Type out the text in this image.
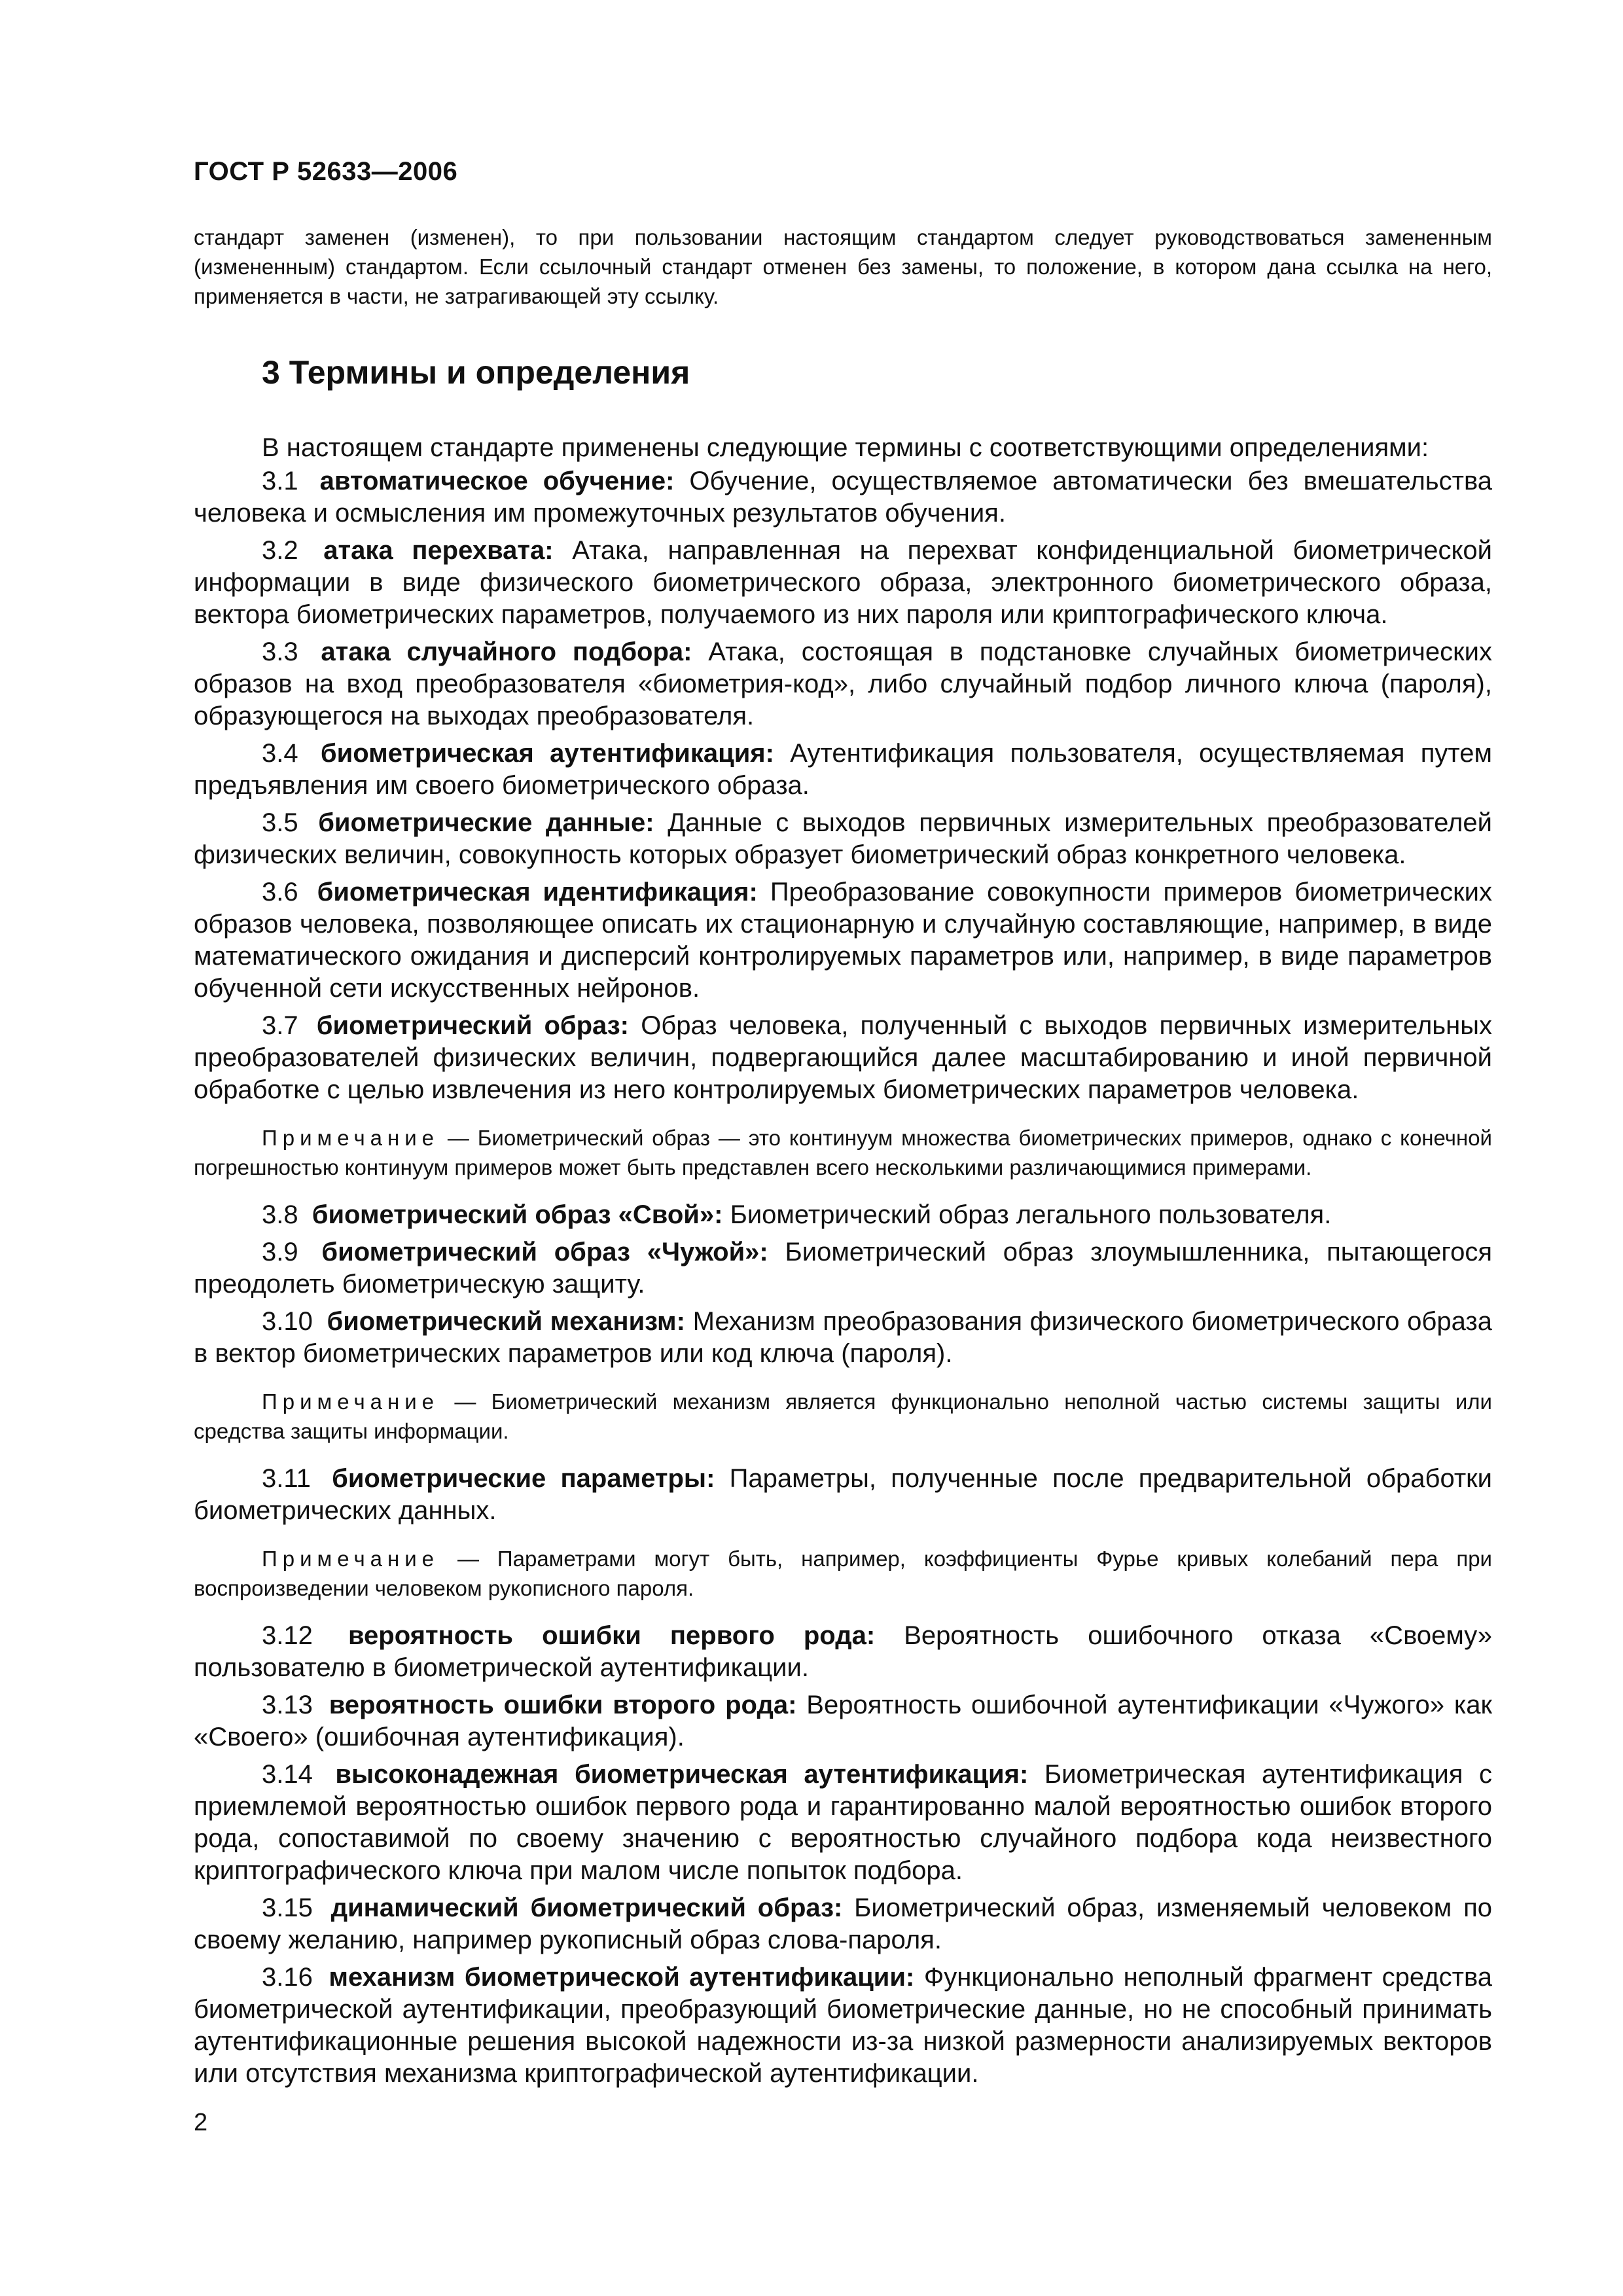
ГОСТ Р 52633—2006
стандарт заменен (изменен), то при пользовании настоящим стандартом следует руководствоваться замененным (измененным) стандартом. Если ссылочный стандарт отменен без замены, то положение, в котором дана ссылка на него, применяется в части, не затрагивающей эту ссылку.
3 Термины и определения

В настоящем стандарте применены следующие термины с соответствующими определениями:

3.1 автоматическое обучение: Обучение, осуществляемое автоматически без вмешательства человека и осмысления им промежуточных результатов обучения.

3.2 атака перехвата: Атака, направленная на перехват конфиденциальной биометрической информации в виде физического биометрического образа, электронного биометрического образа, вектора биометрических параметров, получаемого из них пароля или криптографического ключа.

3.3 атака случайного подбора: Атака, состоящая в подстановке случайных биометрических образов на вход преобразователя «биометрия-код», либо случайный подбор личного ключа (пароля), образующегося на выходах преобразователя.

3.4 биометрическая аутентификация: Аутентификация пользователя, осуществляемая путем предъявления им своего биометрического образа.

3.5 биометрические данные: Данные с выходов первичных измерительных преобразователей физических величин, совокупность которых образует биометрический образ конкретного человека.

3.6 биометрическая идентификация: Преобразование совокупности примеров биометрических образов человека, позволяющее описать их стационарную и случайную составляющие, например, в виде математического ожидания и дисперсий контролируемых параметров или, например, в виде параметров обученной сети искусственных нейронов.

3.7 биометрический образ: Образ человека, полученный с выходов первичных измерительных преобразователей физических величин, подвергающийся далее масштабированию и иной первичной обработке с целью извлечения из него контролируемых биометрических параметров человека.

Примечание — Биометрический образ — это континуум множества биометрических примеров, однако с конечной погрешностью континуум примеров может быть представлен всего несколькими различающимися примерами.

3.8 биометрический образ «Свой»: Биометрический образ легального пользователя.

3.9 биометрический образ «Чужой»: Биометрический образ злоумышленника, пытающегося преодолеть биометрическую защиту.

3.10 биометрический механизм: Механизм преобразования физического биометрического образа в вектор биометрических параметров или код ключа (пароля).

Примечание — Биометрический механизм является функционально неполной частью системы защиты или средства защиты информации.

3.11 биометрические параметры: Параметры, полученные после предварительной обработки биометрических данных.

Примечание — Параметрами могут быть, например, коэффициенты Фурье кривых колебаний пера при воспроизведении человеком рукописного пароля.

3.12 вероятность ошибки первого рода: Вероятность ошибочного отказа «Своему» пользователю в биометрической аутентификации.

3.13 вероятность ошибки второго рода: Вероятность ошибочной аутентификации «Чужого» как «Своего» (ошибочная аутентификация).

3.14 высоконадежная биометрическая аутентификация: Биометрическая аутентификация с приемлемой вероятностью ошибок первого рода и гарантированно малой вероятностью ошибок второго рода, сопоставимой по своему значению с вероятностью случайного подбора кода неизвестного криптографического ключа при малом числе попыток подбора.

3.15 динамический биометрический образ: Биометрический образ, изменяемый человеком по своему желанию, например рукописный образ слова-пароля.

3.16 механизм биометрической аутентификации: Функционально неполный фрагмент средства биометрической аутентификации, преобразующий биометрические данные, но не способный принимать аутентификационные решения высокой надежности из-за низкой размерности анализируемых векторов или отсутствия механизма криптографической аутентификации.

2
